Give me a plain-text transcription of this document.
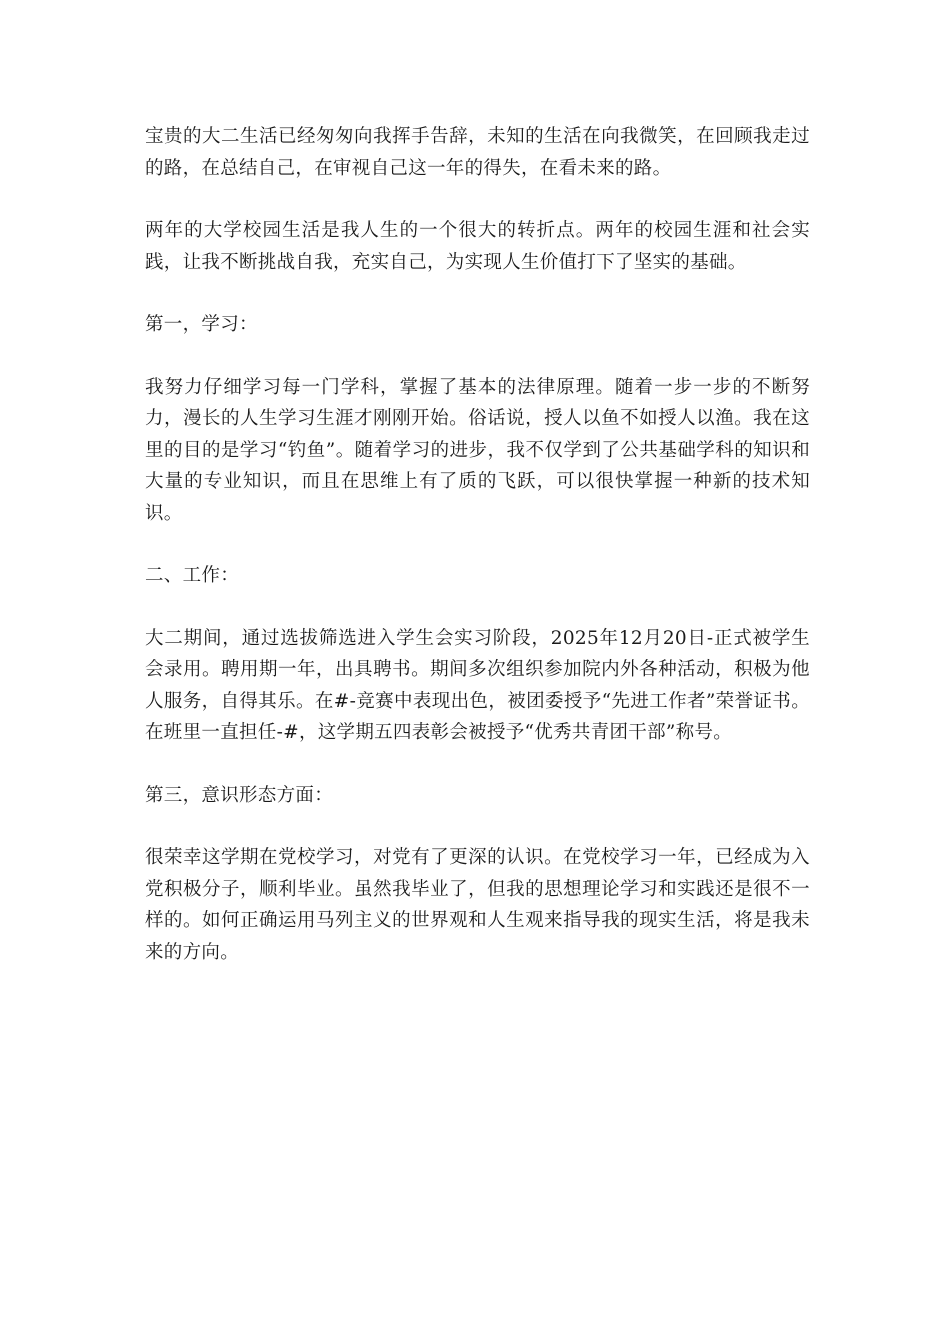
宝贵的大二生活已经匆匆向我挥手告辞，未知的生活在向我微笑，在回顾我走过的路，在总结自己，在审视自己这一年的得失，在看未来的路。

两年的大学校园生活是我人生的一个很大的转折点。两年的校园生涯和社会实践，让我不断挑战自我，充实自己，为实现人生价值打下了坚实的基础。

第一，学习：

我努力仔细学习每一门学科，掌握了基本的法律原理。随着一步一步的不断努力，漫长的人生学习生涯才刚刚开始。俗话说，授人以鱼不如授人以渔。我在这里的目的是学习“钓鱼”。随着学习的进步，我不仅学到了公共基础学科的知识和大量的专业知识，而且在思维上有了质的飞跃，可以很快掌握一种新的技术知识。

二、工作：

大二期间，通过选拔筛选进入学生会实习阶段，2025年12月20日-正式被学生会录用。聘用期一年，出具聘书。期间多次组织参加院内外各种活动，积极为他人服务，自得其乐。在#-竞赛中表现出色，被团委授予“先进工作者”荣誉证书。在班里一直担任-#，这学期五四表彰会被授予“优秀共青团干部”称号。

第三，意识形态方面：

很荣幸这学期在党校学习，对党有了更深的认识。在党校学习一年，已经成为入党积极分子，顺利毕业。虽然我毕业了，但我的思想理论学习和实践还是很不一样的。如何正确运用马列主义的世界观和人生观来指导我的现实生活，将是我未来的方向。
